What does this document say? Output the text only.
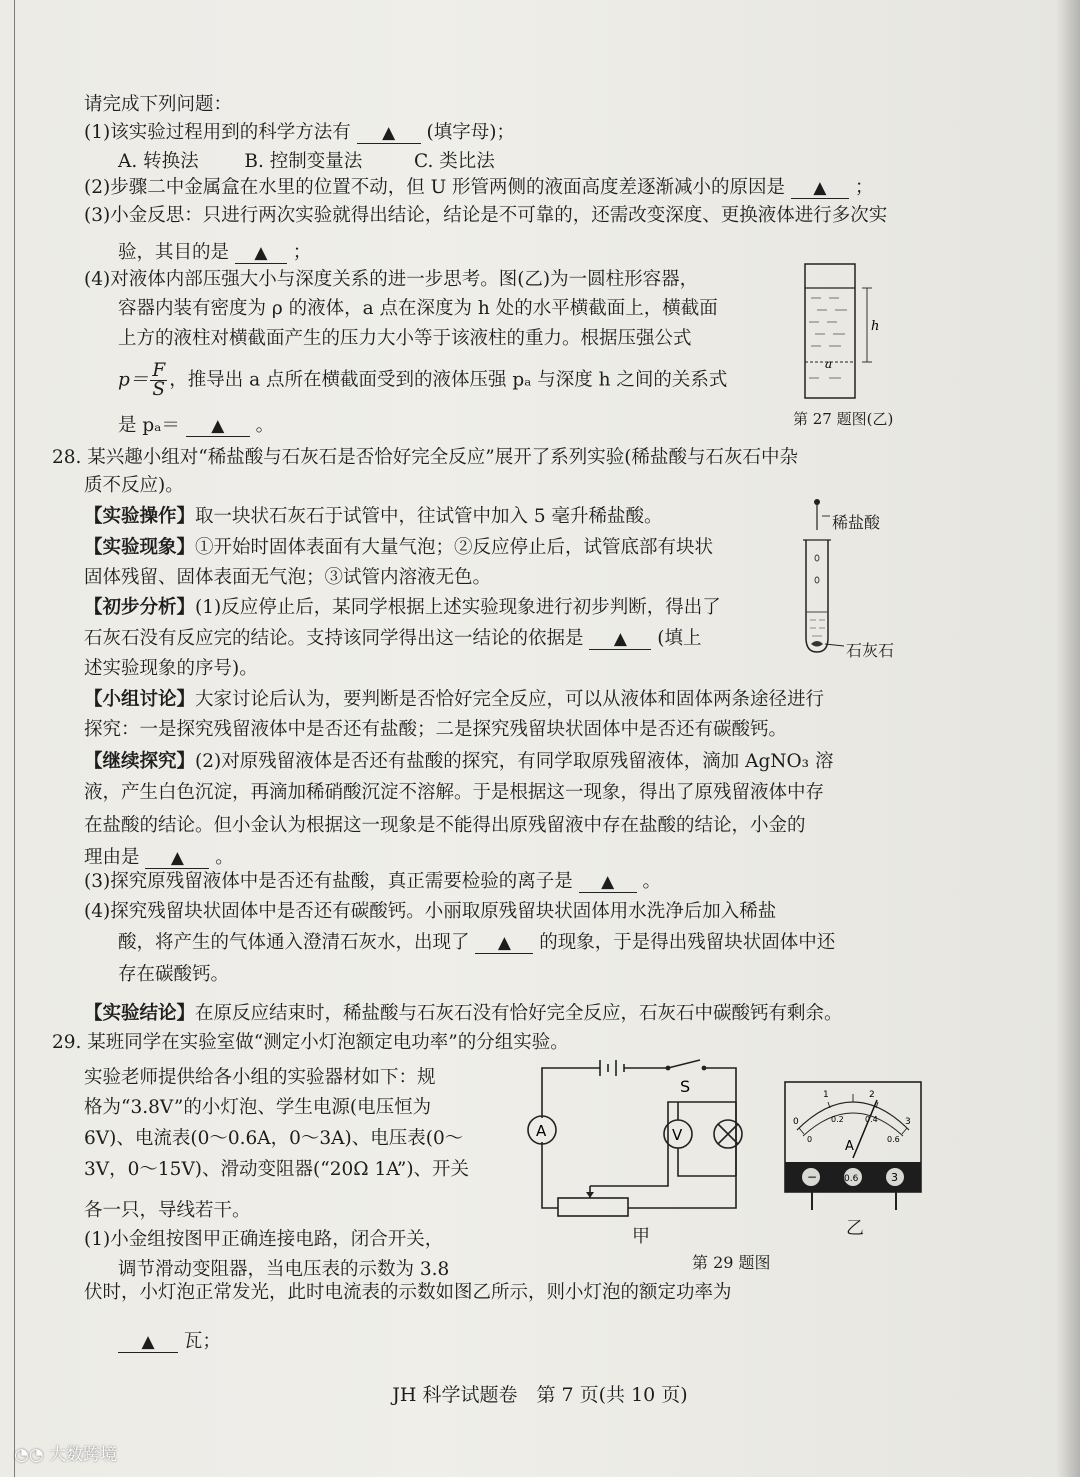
请完成下列问题：
(1)该实验过程用到的科学方法有 ▲ (填字母)；
A. 转换法 B. 控制变量法	C. 类比法
(2)步骤二中金属盒在水里的位置不动，但 U 形管两侧的液面高度差逐渐减小的原因是 ▲ ；
(3)小金反思：只进行两次实验就得出结论，结论是不可靠的，还需改变深度、更换液体进行多次实
验，其目的是 ▲ ；
(4)对液体内部压强大小与深度关系的进一步思考。图(乙)为一圆柱形容器，
容器内装有密度为 ρ 的液体，a 点在深度为 h 处的水平横截面上，横截面
上方的液柱对横截面产生的压力大小等于该液柱的重力。根据压强公式
$p= \frac{F}{S}$ ，推导出 a 点所在横截面受到的液体压强 pₐ 与深度 h 之间的关系式
是 pₐ＝ ▲ 。
h
a
第 27 题图(乙)
28. 某兴趣小组对“稀盐酸与石灰石是否恰好完全反应”展开了系列实验(稀盐酸与石灰石中杂
质不反应)。
【实验操作】取一块状石灰石于试管中，往试管中加入 5 毫升稀盐酸。
【实验现象】①开始时固体表面有大量气泡；②反应停止后，试管底部有块状
固体残留、固体表面无气泡；③试管内溶液无色。
【初步分析】(1)反应停止后，某同学根据上述实验现象进行初步判断，得出了
石灰石没有反应完的结论。支持该同学得出这一结论的依据是 ▲ (填上
述实验现象的序号)。
【小组讨论】大家讨论后认为，要判断是否恰好完全反应，可以从液体和固体两条途径进行
探究：一是探究残留液体中是否还有盐酸；二是探究残留块状固体中是否还有碳酸钙。
【继续探究】(2)对原残留液体是否还有盐酸的探究，有同学取原残留液体，滴加 AgNO₃ 溶
液，产生白色沉淀，再滴加稀硝酸沉淀不溶解。于是根据这一现象，得出了原残留液体中存
在盐酸的结论。但小金认为根据这一现象是不能得出原残留液中存在盐酸的结论，小金的
理由是 ▲ 。
(3)探究原残留液体中是否还有盐酸，真正需要检验的离子是 ▲ 。
(4)探究残留块状固体中是否还有碳酸钙。小丽取原残留块状固体用水洗净后加入稀盐
酸，将产生的气体通入澄清石灰水，出现了 ▲ 的现象，于是得出残留块状固体中还
存在碳酸钙。
【实验结论】在原反应结束时，稀盐酸与石灰石没有恰好完全反应，石灰石中碳酸钙有剩余。
稀盐酸
石灰石
29. 某班同学在实验室做“测定小灯泡额定电功率”的分组实验。
实验老师提供给各小组的实验器材如下：规
格为“3.8V”的小灯泡、学生电源(电压恒为
6V)、电流表(0～0.6A，0～3A)、电压表(0～
3V，0～15V)、滑动变阻器(“20Ω 1A”)、开关
各一只，导线若干。
(1)小金组按图甲正确连接电路，闭合开关，
调节滑动变阻器，当电压表的示数为 3.8
伏时，小灯泡正常发光，此时电流表的示数如图乙所示，则小灯泡的额定功率为
▲ 瓦；
A	V
S
甲
第 29 题图
0
1	2
3
0
0.2	0.4
0.6
A
−	0.6	3
乙
JH 科学试题卷　第 7 页(共 10 页)
◔◔ 大数跨境
